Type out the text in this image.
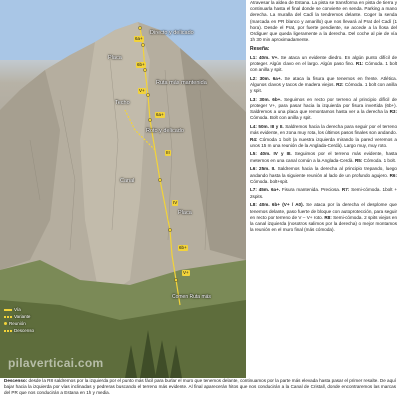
Directo y delicado
Placa
Ruta más mantenida
Techo
Roto y delicado
Canal
Placa
6a+
6b+
V+
6a+
III
IV
6b+
V+
Comen Ruta más
Vía
Variante
Reunión
Descenso
pilaverticai.com

Atravesar la aldea de Estana. La pista se transforma en pista de tierra y continuarla hasta el final donde se convierte en senda. Parking a mano derecha. La muralla del Cadí la tendremos delante. Coger la senda (marcada en PR blanco y amarillo) que nos llevará al Prat del Cadí (1 hora). Desde el Prat, por fuerte pendiente, se accede a la llosa del Ordiguer que queda ligeramente a la derecha. Del coche al pie de vía 1h 30 min aproximadamente.

Reseña:

L1: 40m. V+. Se ataca un evidente diedro. En algún punto difícil de proteger. Algún clavo en el largo. Algún paso fino. R1: Cómoda. 1 bolt con anilla y spit.

L2: 30m. 6a+. Se ataca la fisura que tenemos en frente. Atlética. Algunos clavos y tacos de madera viejos. R2: Cómoda. 1 bolt con anilla y spit.

L3: 30m. 6b+. Seguimos en recto por terreno al principio difícil de proteger V+, para pasar hacia la izquierda por fisura invertida (6b+). Saldremos a una placa que remontamos hasta ver a la derecha la R3: Cómoda. Bolt con anilla y spit.

L4: 50m. III y II. Saldremos hacia la derecha para seguir por el terreno más evidente, en zona muy rota, los últimos pasos finales son andando. R4: Cómoda 1 bolt (a nuestra izquierda mirando la pared veremos a unos 15 m una reunión de la Anglada-Cerdà). Largo muy, muy roto.

L5: 40m. IV y III. Seguimos por el terreno más evidente, hasta meternos en una canal común a la Anglada-Cerdà. R5: Cómoda. 1 bolt.

L6: 25m. II. Saldremos hacia la derecha al principio trepando, luego andando hasta la siguiente reunión al lado de un profundo agujero. R6: Cómoda. bolt+spit.

L7: 45m. 6a+. Fisura mantenida. Preciosa. R7: Semi-cómoda. 1bolt + 2spits.

L8: 40m. 6b+ (V+ / A0). Se ataca por la derecha el desplome que tenemos delante, paso fuerte de bloque con autoprotección, para seguir en recto por terreno de V – V+ roto. R8: Semi-cómoda. 2 spits viejos en la canal izquierda (nosotros salimos por la derecha) o mejor montamos la reunión en el muro final (más cómoda).

Descenso: desde la R8 saldremos por la izquierda por el punto más fácil para burlar el muro que tenemos delante, continuamos por la parte más elevada hasta pasar el primer resalte. De aquí bajar hacia la izquierda por vías inclinadas y pedreras buscando el terreno más evidente. Al final aparecerán hitos que nos conducirán a la Canal de Cristall, donde encontraremos las marcas del PR que nos conducirán a Estana en 1h y media.
